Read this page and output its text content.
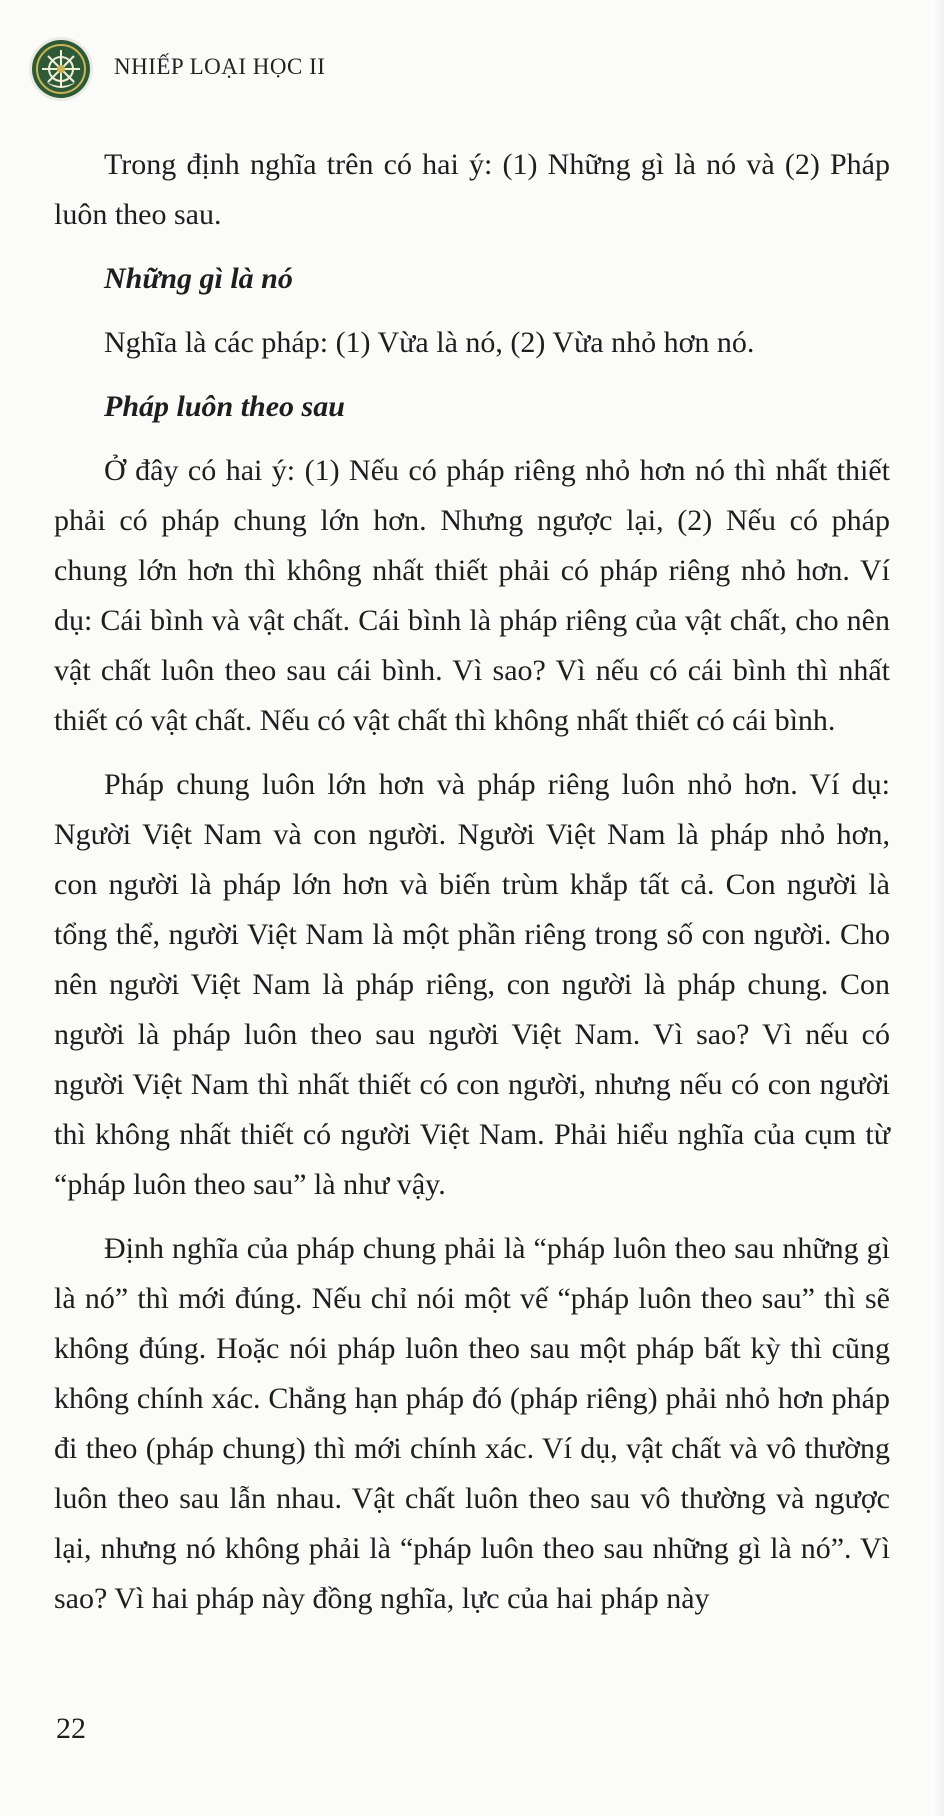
NHIẾP LOẠI HỌC II

Trong định nghĩa trên có hai ý: (1) Những gì là nó và (2) Pháp luôn theo sau.

Những gì là nó

Nghĩa là các pháp: (1) Vừa là nó, (2) Vừa nhỏ hơn nó.

Pháp luôn theo sau

Ở đây có hai ý: (1) Nếu có pháp riêng nhỏ hơn nó thì nhất thiết phải có pháp chung lớn hơn. Nhưng ngược lại, (2) Nếu có pháp chung lớn hơn thì không nhất thiết phải có pháp riêng nhỏ hơn. Ví dụ: Cái bình và vật chất. Cái bình là pháp riêng của vật chất, cho nên vật chất luôn theo sau cái bình. Vì sao? Vì nếu có cái bình thì nhất thiết có vật chất. Nếu có vật chất thì không nhất thiết có cái bình.

Pháp chung luôn lớn hơn và pháp riêng luôn nhỏ hơn. Ví dụ: Người Việt Nam và con người. Người Việt Nam là pháp nhỏ hơn, con người là pháp lớn hơn và biến trùm khắp tất cả. Con người là tổng thể, người Việt Nam là một phần riêng trong số con người. Cho nên người Việt Nam là pháp riêng, con người là pháp chung. Con người là pháp luôn theo sau người Việt Nam. Vì sao? Vì nếu có người Việt Nam thì nhất thiết có con người, nhưng nếu có con người thì không nhất thiết có người Việt Nam. Phải hiểu nghĩa của cụm từ “pháp luôn theo sau” là như vậy.

Định nghĩa của pháp chung phải là “pháp luôn theo sau những gì là nó” thì mới đúng. Nếu chỉ nói một vế “pháp luôn theo sau” thì sẽ không đúng. Hoặc nói pháp luôn theo sau một pháp bất kỳ thì cũng không chính xác. Chẳng hạn pháp đó (pháp riêng) phải nhỏ hơn pháp đi theo (pháp chung) thì mới chính xác. Ví dụ, vật chất và vô thường luôn theo sau lẫn nhau. Vật chất luôn theo sau vô thường và ngược lại, nhưng nó không phải là “pháp luôn theo sau những gì là nó”. Vì sao? Vì hai pháp này đồng nghĩa, lực của hai pháp này

22
